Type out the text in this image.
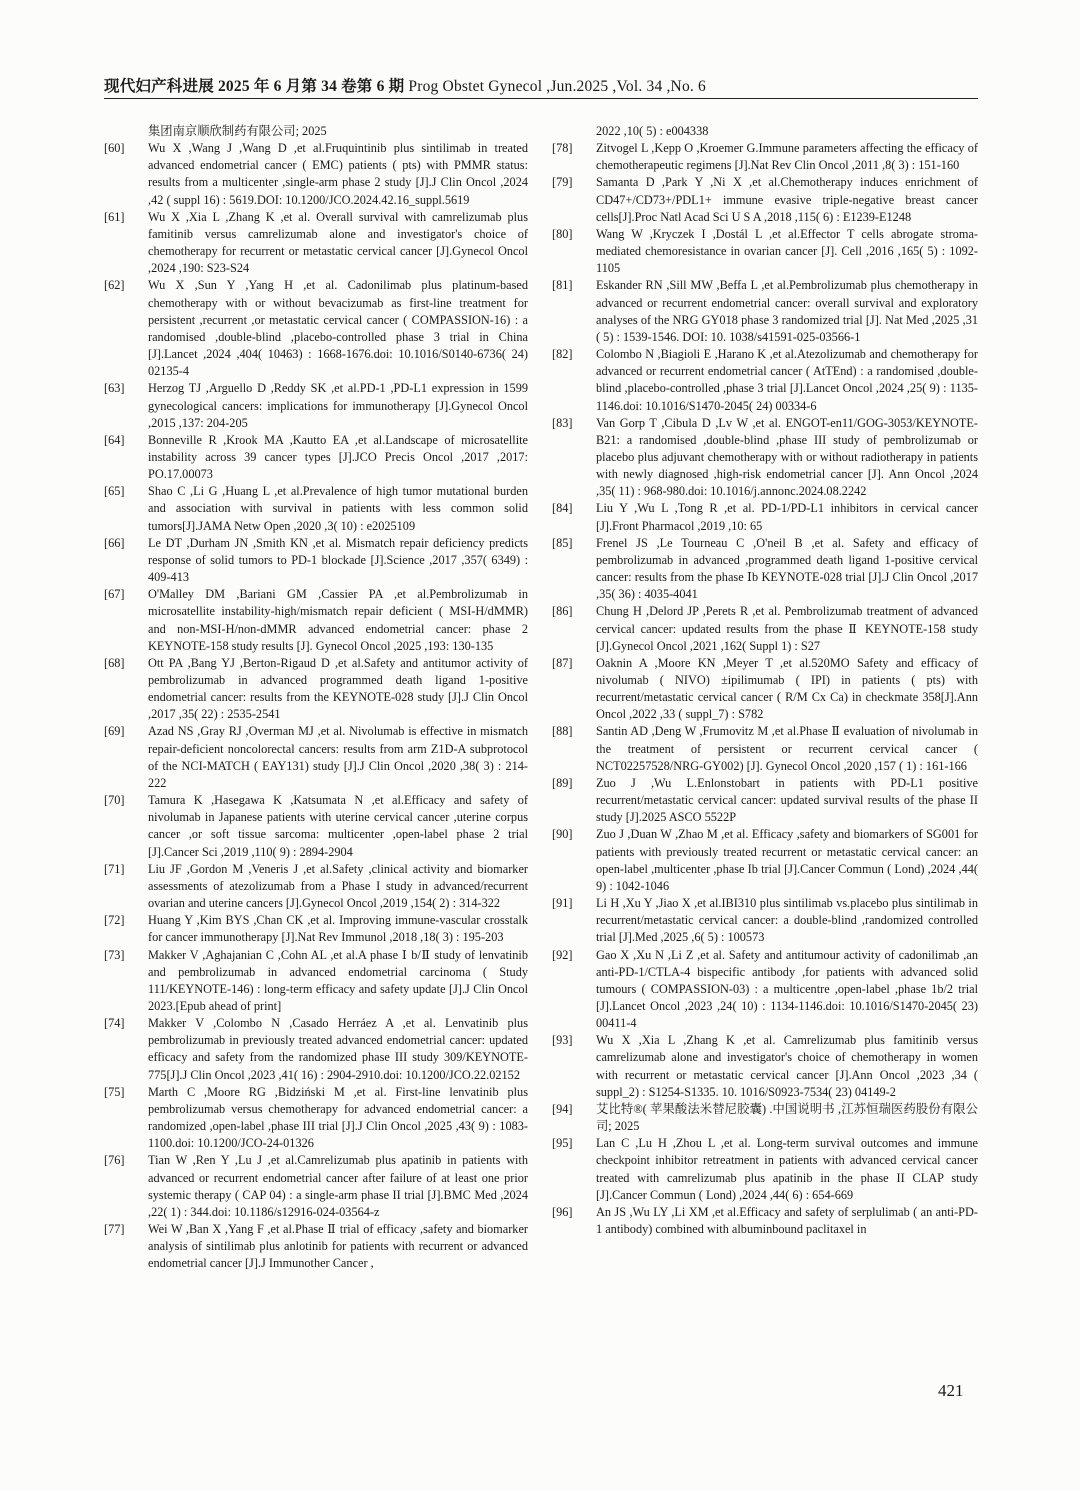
现代妇产科进展 2025 年 6 月第 34 卷第 6 期 Prog Obstet Gynecol ,Jun.2025 ,Vol. 34 ,No. 6
集团南京顺欣制药有限公司; 2025
[60]	Wu X ,Wang J ,Wang D ,et al.Fruquintinib plus sintilimab in treated advanced endometrial cancer ( EMC) patients ( pts) with PMMR status: results from a multicenter ,single-arm phase 2 study [J].J Clin Oncol ,2024 ,42 ( suppl 16) : 5619.DOI: 10.1200/JCO.2024.42.16_suppl.5619
[61]	Wu X ,Xia L ,Zhang K ,et al. Overall survival with camrelizumab plus famitinib versus camrelizumab alone and investigator's choice of chemotherapy for recurrent or metastatic cervical cancer [J].Gynecol Oncol ,2024 ,190: S23-S24
[62]	Wu X ,Sun Y ,Yang H ,et al. Cadonilimab plus platinum-based chemotherapy with or without bevacizumab as first-line treatment for persistent ,recurrent ,or metastatic cervical cancer ( COMPASSION-16) : a randomised ,double-blind ,placebo-controlled phase 3 trial in China [J].Lancet ,2024 ,404( 10463) : 1668-1676.doi: 10.1016/S0140-6736( 24) 02135-4
[63]	Herzog TJ ,Arguello D ,Reddy SK ,et al.PD-1 ,PD-L1 expression in 1599 gynecological cancers: implications for immunotherapy [J].Gynecol Oncol ,2015 ,137: 204-205
[64]	Bonneville R ,Krook MA ,Kautto EA ,et al.Landscape of microsatellite instability across 39 cancer types [J].JCO Precis Oncol ,2017 ,2017: PO.17.00073
[65]	Shao C ,Li G ,Huang L ,et al.Prevalence of high tumor mutational burden and association with survival in patients with less common solid tumors[J].JAMA Netw Open ,2020 ,3( 10) : e2025109
[66]	Le DT ,Durham JN ,Smith KN ,et al. Mismatch repair deficiency predicts response of solid tumors to PD-1 blockade [J].Science ,2017 ,357( 6349) : 409-413
[67]	O'Malley DM ,Bariani GM ,Cassier PA ,et al.Pembrolizumab in microsatellite instability-high/mismatch repair deficient ( MSI-H/dMMR) and non-MSI-H/non-dMMR advanced endometrial cancer: phase 2 KEYNOTE-158 study results [J]. Gynecol Oncol ,2025 ,193: 130-135
[68]	Ott PA ,Bang YJ ,Berton-Rigaud D ,et al.Safety and antitumor activity of pembrolizumab in advanced programmed death ligand 1-positive endometrial cancer: results from the KEYNOTE-028 study [J].J Clin Oncol ,2017 ,35( 22) : 2535-2541
[69]	Azad NS ,Gray RJ ,Overman MJ ,et al. Nivolumab is effective in mismatch repair-deficient noncolorectal cancers: results from arm Z1D-A subprotocol of the NCI-MATCH ( EAY131) study [J].J Clin Oncol ,2020 ,38( 3) : 214-222
[70]	Tamura K ,Hasegawa K ,Katsumata N ,et al.Efficacy and safety of nivolumab in Japanese patients with uterine cervical cancer ,uterine corpus cancer ,or soft tissue sarcoma: multicenter ,open-label phase 2 trial [J].Cancer Sci ,2019 ,110( 9) : 2894-2904
[71]	Liu JF ,Gordon M ,Veneris J ,et al.Safety ,clinical activity and biomarker assessments of atezolizumab from a Phase I study in advanced/recurrent ovarian and uterine cancers [J].Gynecol Oncol ,2019 ,154( 2) : 314-322
[72]	Huang Y ,Kim BYS ,Chan CK ,et al. Improving immune-vascular crosstalk for cancer immunotherapy [J].Nat Rev Immunol ,2018 ,18( 3) : 195-203
[73]	Makker V ,Aghajanian C ,Cohn AL ,et al.A phase Ⅰ b/Ⅱ study of lenvatinib and pembrolizumab in advanced endometrial carcinoma ( Study 111/KEYNOTE-146) : long-term efficacy and safety update [J].J Clin Oncol 2023.[Epub ahead of print]
[74]	Makker V ,Colombo N ,Casado Herráez A ,et al. Lenvatinib plus pembrolizumab in previously treated advanced endometrial cancer: updated efficacy and safety from the randomized phase III study 309/KEYNOTE-775[J].J Clin Oncol ,2023 ,41( 16) : 2904-2910.doi: 10.1200/JCO.22.02152
[75]	Marth C ,Moore RG ,Bidziński M ,et al. First-line lenvatinib plus pembrolizumab versus chemotherapy for advanced endometrial cancer: a randomized ,open-label ,phase III trial [J].J Clin Oncol ,2025 ,43( 9) : 1083-1100.doi: 10.1200/JCO-24-01326
[76]	Tian W ,Ren Y ,Lu J ,et al.Camrelizumab plus apatinib in patients with advanced or recurrent endometrial cancer after failure of at least one prior systemic therapy ( CAP 04) : a single-arm phase II trial [J].BMC Med ,2024 ,22( 1) : 344.doi: 10.1186/s12916-024-03564-z
[77]	Wei W ,Ban X ,Yang F ,et al.Phase Ⅱ trial of efficacy ,safety and biomarker analysis of sintilimab plus anlotinib for patients with recurrent or advanced endometrial cancer [J].J Immunother Cancer ,
2022 ,10( 5) : e004338
[78]	Zitvogel L ,Kepp O ,Kroemer G.Immune parameters affecting the efficacy of chemotherapeutic regimens [J].Nat Rev Clin Oncol ,2011 ,8( 3) : 151-160
[79]	Samanta D ,Park Y ,Ni X ,et al.Chemotherapy induces enrichment of CD47+/CD73+/PDL1+ immune evasive triple-negative breast cancer cells[J].Proc Natl Acad Sci U S A ,2018 ,115( 6) : E1239-E1248
[80]	Wang W ,Kryczek I ,Dostál L ,et al.Effector T cells abrogate stroma-mediated chemoresistance in ovarian cancer [J]. Cell ,2016 ,165( 5) : 1092-1105
[81]	Eskander RN ,Sill MW ,Beffa L ,et al.Pembrolizumab plus chemotherapy in advanced or recurrent endometrial cancer: overall survival and exploratory analyses of the NRG GY018 phase 3 randomized trial [J]. Nat Med ,2025 ,31 ( 5) : 1539-1546. DOI: 10. 1038/s41591-025-03566-1
[82]	Colombo N ,Biagioli E ,Harano K ,et al.Atezolizumab and chemotherapy for advanced or recurrent endometrial cancer ( AtTEnd) : a randomised ,double-blind ,placebo-controlled ,phase 3 trial [J].Lancet Oncol ,2024 ,25( 9) : 1135-1146.doi: 10.1016/S1470-2045( 24) 00334-6
[83]	Van Gorp T ,Cibula D ,Lv W ,et al. ENGOT-en11/GOG-3053/KEYNOTE-B21: a randomised ,double-blind ,phase III study of pembrolizumab or placebo plus adjuvant chemotherapy with or without radiotherapy in patients with newly diagnosed ,high-risk endometrial cancer [J]. Ann Oncol ,2024 ,35( 11) : 968-980.doi: 10.1016/j.annonc.2024.08.2242
[84]	Liu Y ,Wu L ,Tong R ,et al. PD-1/PD-L1 inhibitors in cervical cancer [J].Front Pharmacol ,2019 ,10: 65
[85]	Frenel JS ,Le Tourneau C ,O'neil B ,et al. Safety and efficacy of pembrolizumab in advanced ,programmed death ligand 1-positive cervical cancer: results from the phase Ⅰb KEYNOTE-028 trial [J].J Clin Oncol ,2017 ,35( 36) : 4035-4041
[86]	Chung H ,Delord JP ,Perets R ,et al. Pembrolizumab treatment of advanced cervical cancer: updated results from the phase Ⅱ KEYNOTE-158 study [J].Gynecol Oncol ,2021 ,162( Suppl 1) : S27
[87]	Oaknin A ,Moore KN ,Meyer T ,et al.520MO Safety and efficacy of nivolumab ( NIVO) ±ipilimumab ( IPI) in patients ( pts) with recurrent/metastatic cervical cancer ( R/M Cx Ca) in checkmate 358[J].Ann Oncol ,2022 ,33 ( suppl_7) : S782
[88]	Santin AD ,Deng W ,Frumovitz M ,et al.Phase Ⅱ evaluation of nivolumab in the treatment of persistent or recurrent cervical cancer ( NCT02257528/NRG-GY002) [J]. Gynecol Oncol ,2020 ,157 ( 1) : 161-166
[89]	Zuo J ,Wu L.Enlonstobart in patients with PD-L1 positive recurrent/metastatic cervical cancer: updated survival results of the phase II study [J].2025 ASCO 5522P
[90]	Zuo J ,Duan W ,Zhao M ,et al. Efficacy ,safety and biomarkers of SG001 for patients with previously treated recurrent or metastatic cervical cancer: an open-label ,multicenter ,phase Ib trial [J].Cancer Commun ( Lond) ,2024 ,44( 9) : 1042-1046
[91]	Li H ,Xu Y ,Jiao X ,et al.IBI310 plus sintilimab vs.placebo plus sintilimab in recurrent/metastatic cervical cancer: a double-blind ,randomized controlled trial [J].Med ,2025 ,6( 5) : 100573
[92]	Gao X ,Xu N ,Li Z ,et al. Safety and antitumour activity of cadonilimab ,an anti-PD-1/CTLA-4 bispecific antibody ,for patients with advanced solid tumours ( COMPASSION-03) : a multicentre ,open-label ,phase 1b/2 trial [J].Lancet Oncol ,2023 ,24( 10) : 1134-1146.doi: 10.1016/S1470-2045( 23) 00411-4
[93]	Wu X ,Xia L ,Zhang K ,et al. Camrelizumab plus famitinib versus camrelizumab alone and investigator's choice of chemotherapy in women with recurrent or metastatic cervical cancer [J].Ann Oncol ,2023 ,34 ( suppl_2) : S1254-S1335. 10. 1016/S0923-7534( 23) 04149-2
[94]	艾比特®( 苹果酸法米替尼胶囊) .中国说明书 ,江苏恒瑞医药股份有限公司; 2025
[95]	Lan C ,Lu H ,Zhou L ,et al. Long-term survival outcomes and immune checkpoint inhibitor retreatment in patients with advanced cervical cancer treated with camrelizumab plus apatinib in the phase II CLAP study [J].Cancer Commun ( Lond) ,2024 ,44( 6) : 654-669
[96]	An JS ,Wu LY ,Li XM ,et al.Efficacy and safety of serplulimab ( an anti-PD-1 antibody) combined with albuminbound paclitaxel in
421
